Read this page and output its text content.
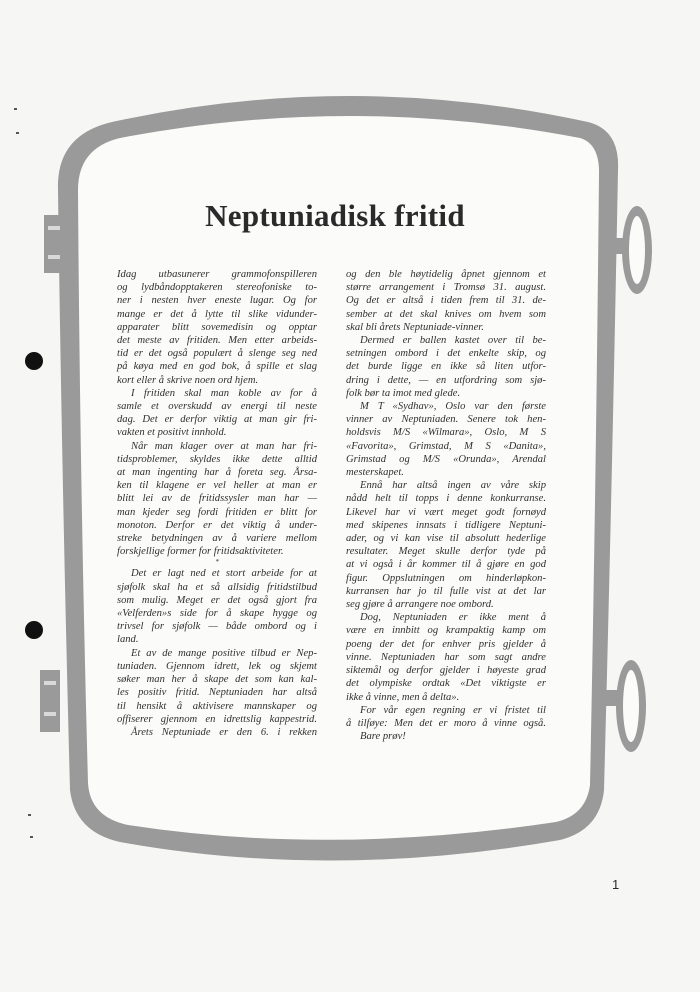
Neptuniadisk fritid
Idag utbasunerer grammofonspilleren
og lydbåndopptakeren stereofoniske to-
ner i nesten hver eneste lugar. Og for
mange er det å lytte til slike vidunder-
apparater blitt sovemedisin og opptar
det meste av fritiden. Men etter arbeids-
tid er det også populært å slenge seg ned
på køya med en god bok, å spille et slag
kort eller å skrive noen ord hjem.
I fritiden skal man koble av for å
samle et overskudd av energi til neste
dag. Det er derfor viktig at man gir fri-
vakten et positivt innhold.
Når man klager over at man har fri-
tidsproblemer, skyldes ikke dette alltid
at man ingenting har å foreta seg. Årsa-
ken til klagene er vel heller at man er
blitt lei av de fritidssysler man har —
man kjeder seg fordi fritiden er blitt for
monoton. Derfor er det viktig å under-
streke betydningen av å variere mellom
forskjellige former for fritidsaktiviteter.
*
Det er lagt ned et stort arbeide for at
sjøfolk skal ha et så allsidig fritidstilbud
som mulig. Meget er det også gjort fra
«Velferden»s side for å skape hygge og
trivsel for sjøfolk — både ombord og i
land.
Et av de mange positive tilbud er Nep-
tuniaden. Gjennom idrett, lek og skjemt
søker man her å skape det som kan kal-
les positiv fritid. Neptuniaden har altså
til hensikt å aktivisere mannskaper og
offiserer gjennom en idrettslig kappestrid.
Årets Neptuniade er den 6. i rekken
og den ble høytidelig åpnet gjennom et
større arrangement i Tromsø 31. august.
Og det er altså i tiden frem til 31. de-
sember at det skal knives om hvem som
skal bli årets Neptuniade-vinner.
Dermed er ballen kastet over til be-
setningen ombord i det enkelte skip, og
det burde ligge en ikke så liten utfor-
dring i dette, — en utfordring som sjø-
folk bør ta imot med glede.
M T «Sydhav», Oslo var den første
vinner av Neptuniaden. Senere tok hen-
holdsvis M/S «Wilmara», Oslo, M S
«Favorita», Grimstad, M S «Danita»,
Grimstad og M/S «Orunda», Arendal
mesterskapet.
Ennå har altså ingen av våre skip
nådd helt til topps i denne konkurranse.
Likevel har vi vært meget godt fornøyd
med skipenes innsats i tidligere Neptuni-
ader, og vi kan vise til absolutt hederlige
resultater. Meget skulle derfor tyde på
at vi også i år kommer til å gjøre en god
figur. Oppslutningen om hinderløpkon-
kurransen har jo til fulle vist at det lar
seg gjøre å arrangere noe ombord.
Dog, Neptuniaden er ikke ment å
være en innbitt og krampaktig kamp om
poeng der det for enhver pris gjelder å
vinne. Neptuniaden har som sagt andre
siktemål og derfor gjelder i høyeste grad
det olympiske ordtak «Det viktigste er
ikke å vinne, men å delta».
For vår egen regning er vi fristet til
å tilføye: Men det er moro å vinne også.
Bare prøv!
1
